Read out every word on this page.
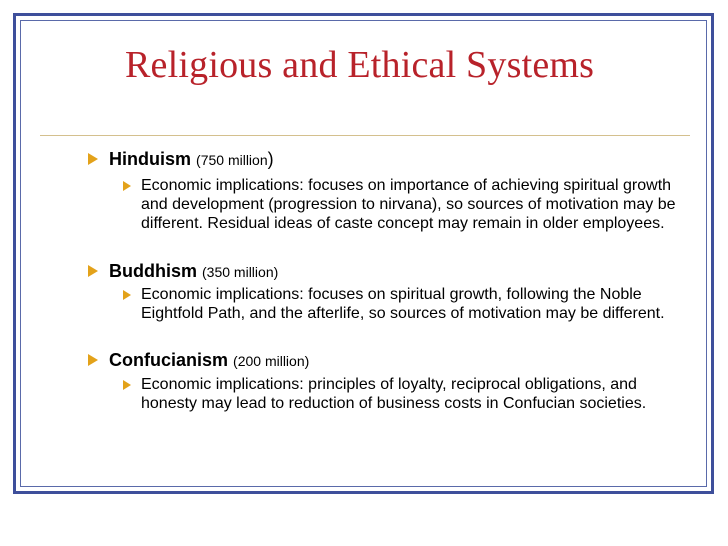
Religious and Ethical Systems
Hinduism (750 million)
Economic implications: focuses on importance of achieving spiritual growth and development (progression to nirvana), so sources of motivation may be different. Residual ideas of caste concept may remain in older employees.
Buddhism (350 million)
Economic implications: focuses on spiritual growth, following the Noble Eightfold Path, and the afterlife, so sources of motivation may be different.
Confucianism (200 million)
Economic implications: principles of loyalty, reciprocal obligations, and honesty may lead to reduction of business costs in Confucian societies.
